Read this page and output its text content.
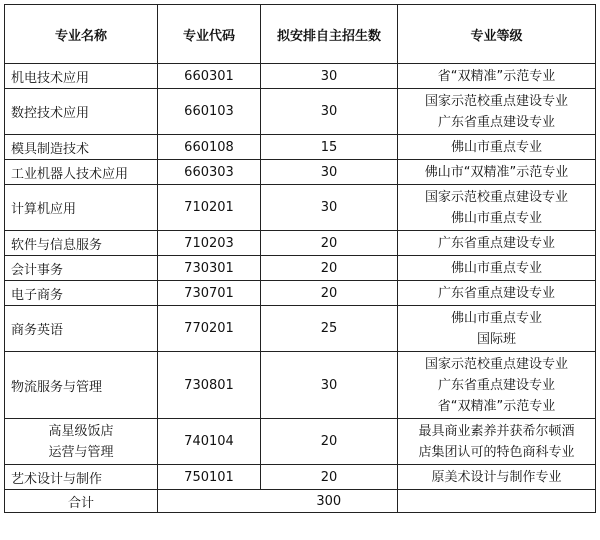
专业名称	专业代码	拟安排自主招生数	专业等级

机电技术应用	660301	30	省“双精准”示范专业

数控技术应用	660103	30	国家示范校重点建设专业
广东省重点建设专业

模具制造技术	660108	15	佛山市重点专业

工业机器人技术应用	660303	30	佛山市“双精准”示范专业

计算机应用	710201	30	国家示范校重点建设专业
佛山市重点专业

软件与信息服务	710203	20	广东省重点建设专业

会计事务	730301	20	佛山市重点专业

电子商务	730701	20	广东省重点建设专业

商务英语	770201	25	佛山市重点专业
国际班

物流服务与管理	730801	30	国家示范校重点建设专业
广东省重点建设专业
省“双精准”示范专业

高星级饭店
运营与管理	740104	20	最具商业素养并获希尔顿酒
店集团认可的特色商科专业

艺术设计与制作	750101	20	原美术设计与制作专业

合计		300	
